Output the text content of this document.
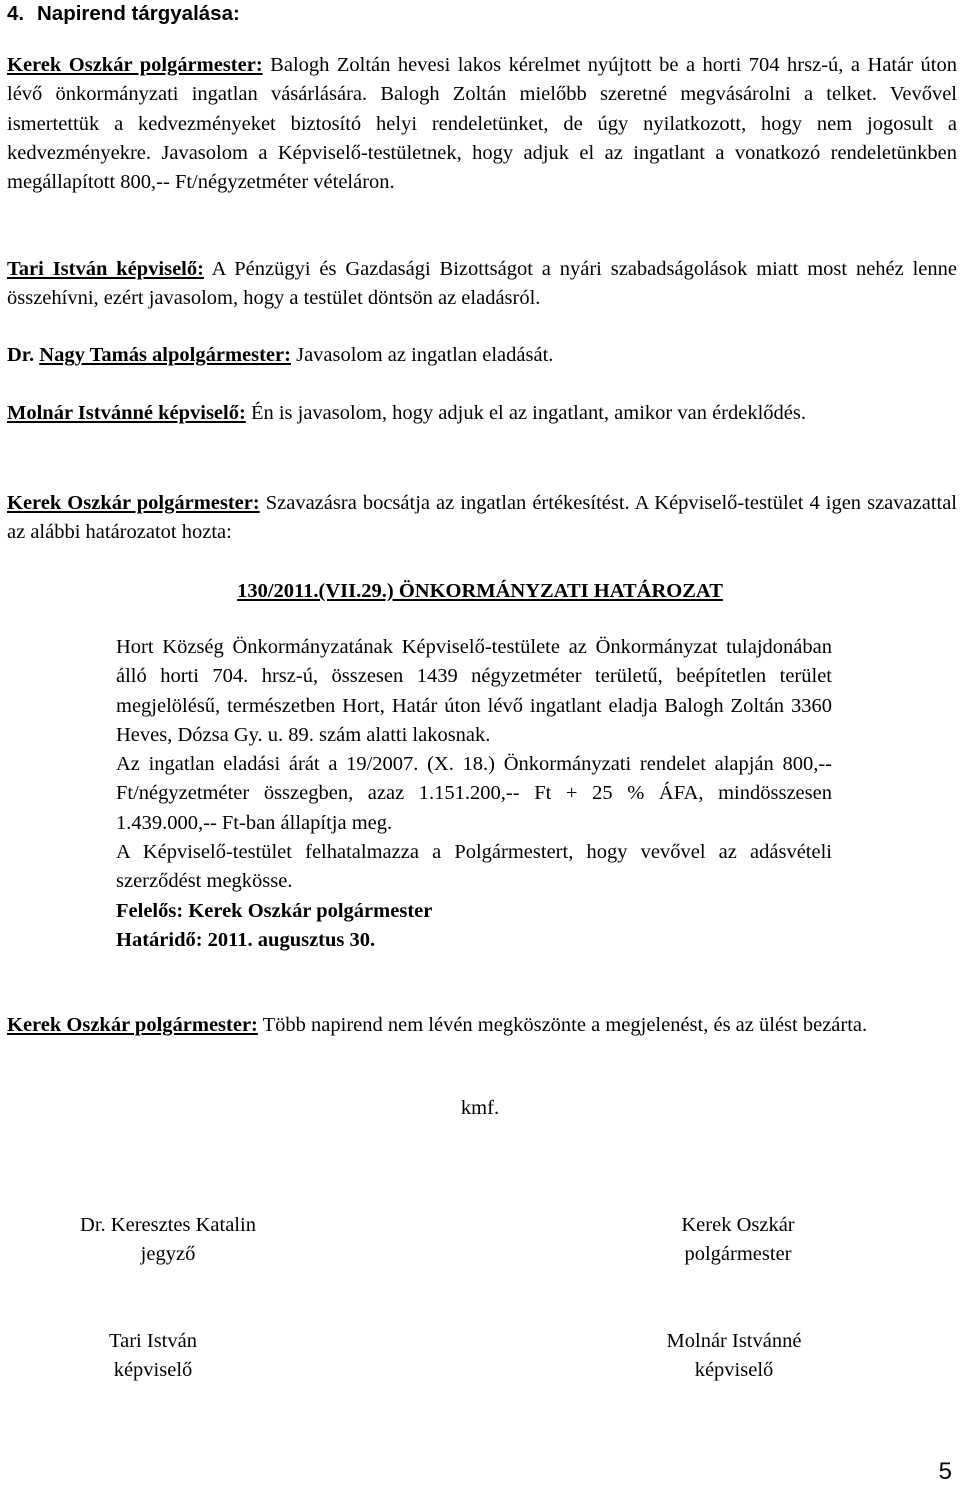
4. Napirend tárgyalása:

Kerek Oszkár polgármester: Balogh Zoltán hevesi lakos kérelmet nyújtott be a horti 704 hrsz-ú, a Határ úton lévő önkormányzati ingatlan vásárlására. Balogh Zoltán mielőbb szeretné megvásárolni a telket. Vevővel ismertettük a kedvezményeket biztosító helyi rendeletünket, de úgy nyilatkozott, hogy nem jogosult a kedvezményekre. Javasolom a Képviselő-testületnek, hogy adjuk el az ingatlant a vonatkozó rendeletünkben megállapított 800,-- Ft/négyzetméter vételáron.

Tari István képviselő: A Pénzügyi és Gazdasági Bizottságot a nyári szabadságolások miatt most nehéz lenne összehívni, ezért javasolom, hogy a testület döntsön az eladásról.

Dr. Nagy Tamás alpolgármester: Javasolom az ingatlan eladását.

Molnár Istvánné képviselő: Én is javasolom, hogy adjuk el az ingatlant, amikor van érdeklődés.

Kerek Oszkár polgármester: Szavazásra bocsátja az ingatlan értékesítést. A Képviselő-testület 4 igen szavazattal az alábbi határozatot hozta:

Kerek Oszkár polgármester: Több napirend nem lévén megköszönte a megjelenést, és az ülést bezárta.

130/2011.(VII.29.) ÖNKORMÁNYZATI HATÁROZAT

Hort Község Önkormányzatának Képviselő-testülete az Önkormányzat tulajdonában álló horti 704. hrsz-ú, összesen 1439 négyzetméter területű, beépítetlen terület megjelölésű, természetben Hort, Határ úton lévő ingatlant eladja Balogh Zoltán 3360 Heves, Dózsa Gy. u. 89. szám alatti lakosnak.

Az ingatlan eladási árát a 19/2007. (X. 18.) Önkormányzati rendelet alapján 800,-- Ft/négyzetméter összegben, azaz 1.151.200,-- Ft + 25 % ÁFA, mindösszesen 1.439.000,-- Ft-ban állapítja meg.

A Képviselő-testület felhatalmazza a Polgármestert, hogy vevővel az adásvételi szerződést megkösse.

Felelős: Kerek Oszkár polgármester

Határidő: 2011. augusztus 30.

kmf.
Dr. Keresztes Katalin
jegyző
Kerek Oszkár
polgármester
Tari István
képviselő
Molnár Istvánné
képviselő
5
